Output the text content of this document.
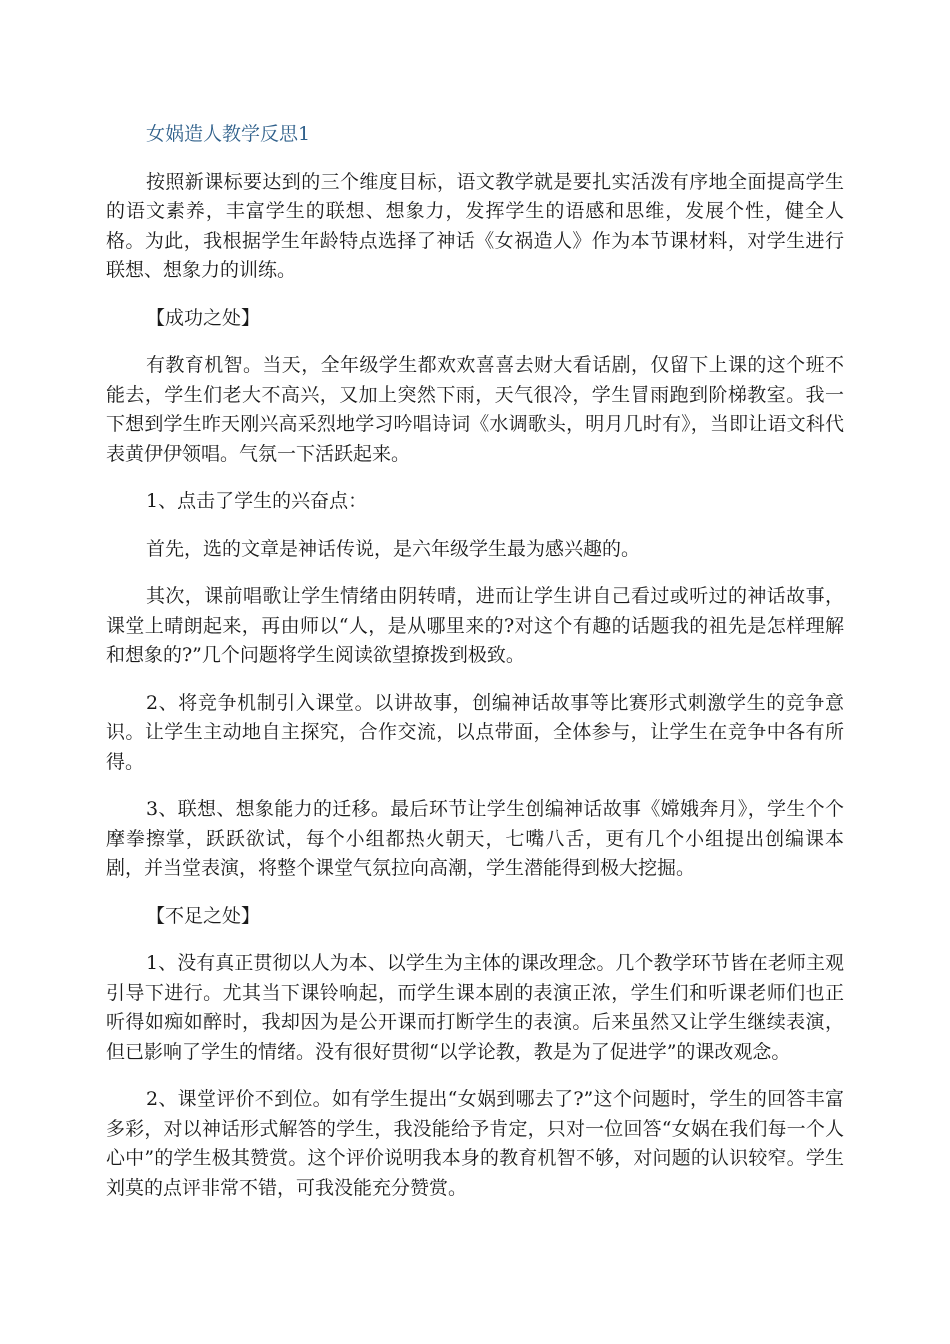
女娲造人教学反思1

按照新课标要达到的三个维度目标，语文教学就是要扎实活泼有序地全面提高学生的语文素养，丰富学生的联想、想象力，发挥学生的语感和思维，发展个性，健全人格。为此，我根据学生年龄特点选择了神话《女祸造人》作为本节课材料，对学生进行联想、想象力的训练。

【成功之处】

有教育机智。当天，全年级学生都欢欢喜喜去财大看话剧，仅留下上课的这个班不能去，学生们老大不高兴，又加上突然下雨，天气很冷，学生冒雨跑到阶梯教室。我一下想到学生昨天刚兴高采烈地学习吟唱诗词《水调歌头，明月几时有》，当即让语文科代表黄伊伊领唱。气氛一下活跃起来。

1、点击了学生的兴奋点：

首先，选的文章是神话传说，是六年级学生最为感兴趣的。

其次，课前唱歌让学生情绪由阴转晴，进而让学生讲自己看过或听过的神话故事，课堂上晴朗起来，再由师以“人，是从哪里来的?对这个有趣的话题我的祖先是怎样理解和想象的?”几个问题将学生阅读欲望撩拨到极致。

2、将竞争机制引入课堂。以讲故事，创编神话故事等比赛形式刺激学生的竞争意识。让学生主动地自主探究，合作交流，以点带面，全体参与，让学生在竞争中各有所得。

3、联想、想象能力的迁移。最后环节让学生创编神话故事《嫦娥奔月》，学生个个摩拳擦掌，跃跃欲试，每个小组都热火朝天，七嘴八舌，更有几个小组提出创编课本剧，并当堂表演，将整个课堂气氛拉向高潮，学生潜能得到极大挖掘。

【不足之处】

1、没有真正贯彻以人为本、以学生为主体的课改理念。几个教学环节皆在老师主观引导下进行。尤其当下课铃响起，而学生课本剧的表演正浓，学生们和听课老师们也正听得如痴如醉时，我却因为是公开课而打断学生的表演。后来虽然又让学生继续表演，但已影响了学生的情绪。没有很好贯彻“以学论教，教是为了促进学”的课改观念。

2、课堂评价不到位。如有学生提出“女娲到哪去了?”这个问题时，学生的回答丰富多彩，对以神话形式解答的学生，我没能给予肯定，只对一位回答“女娲在我们每一个人心中”的学生极其赞赏。这个评价说明我本身的教育机智不够，对问题的认识较窄。学生刘莫的点评非常不错，可我没能充分赞赏。
